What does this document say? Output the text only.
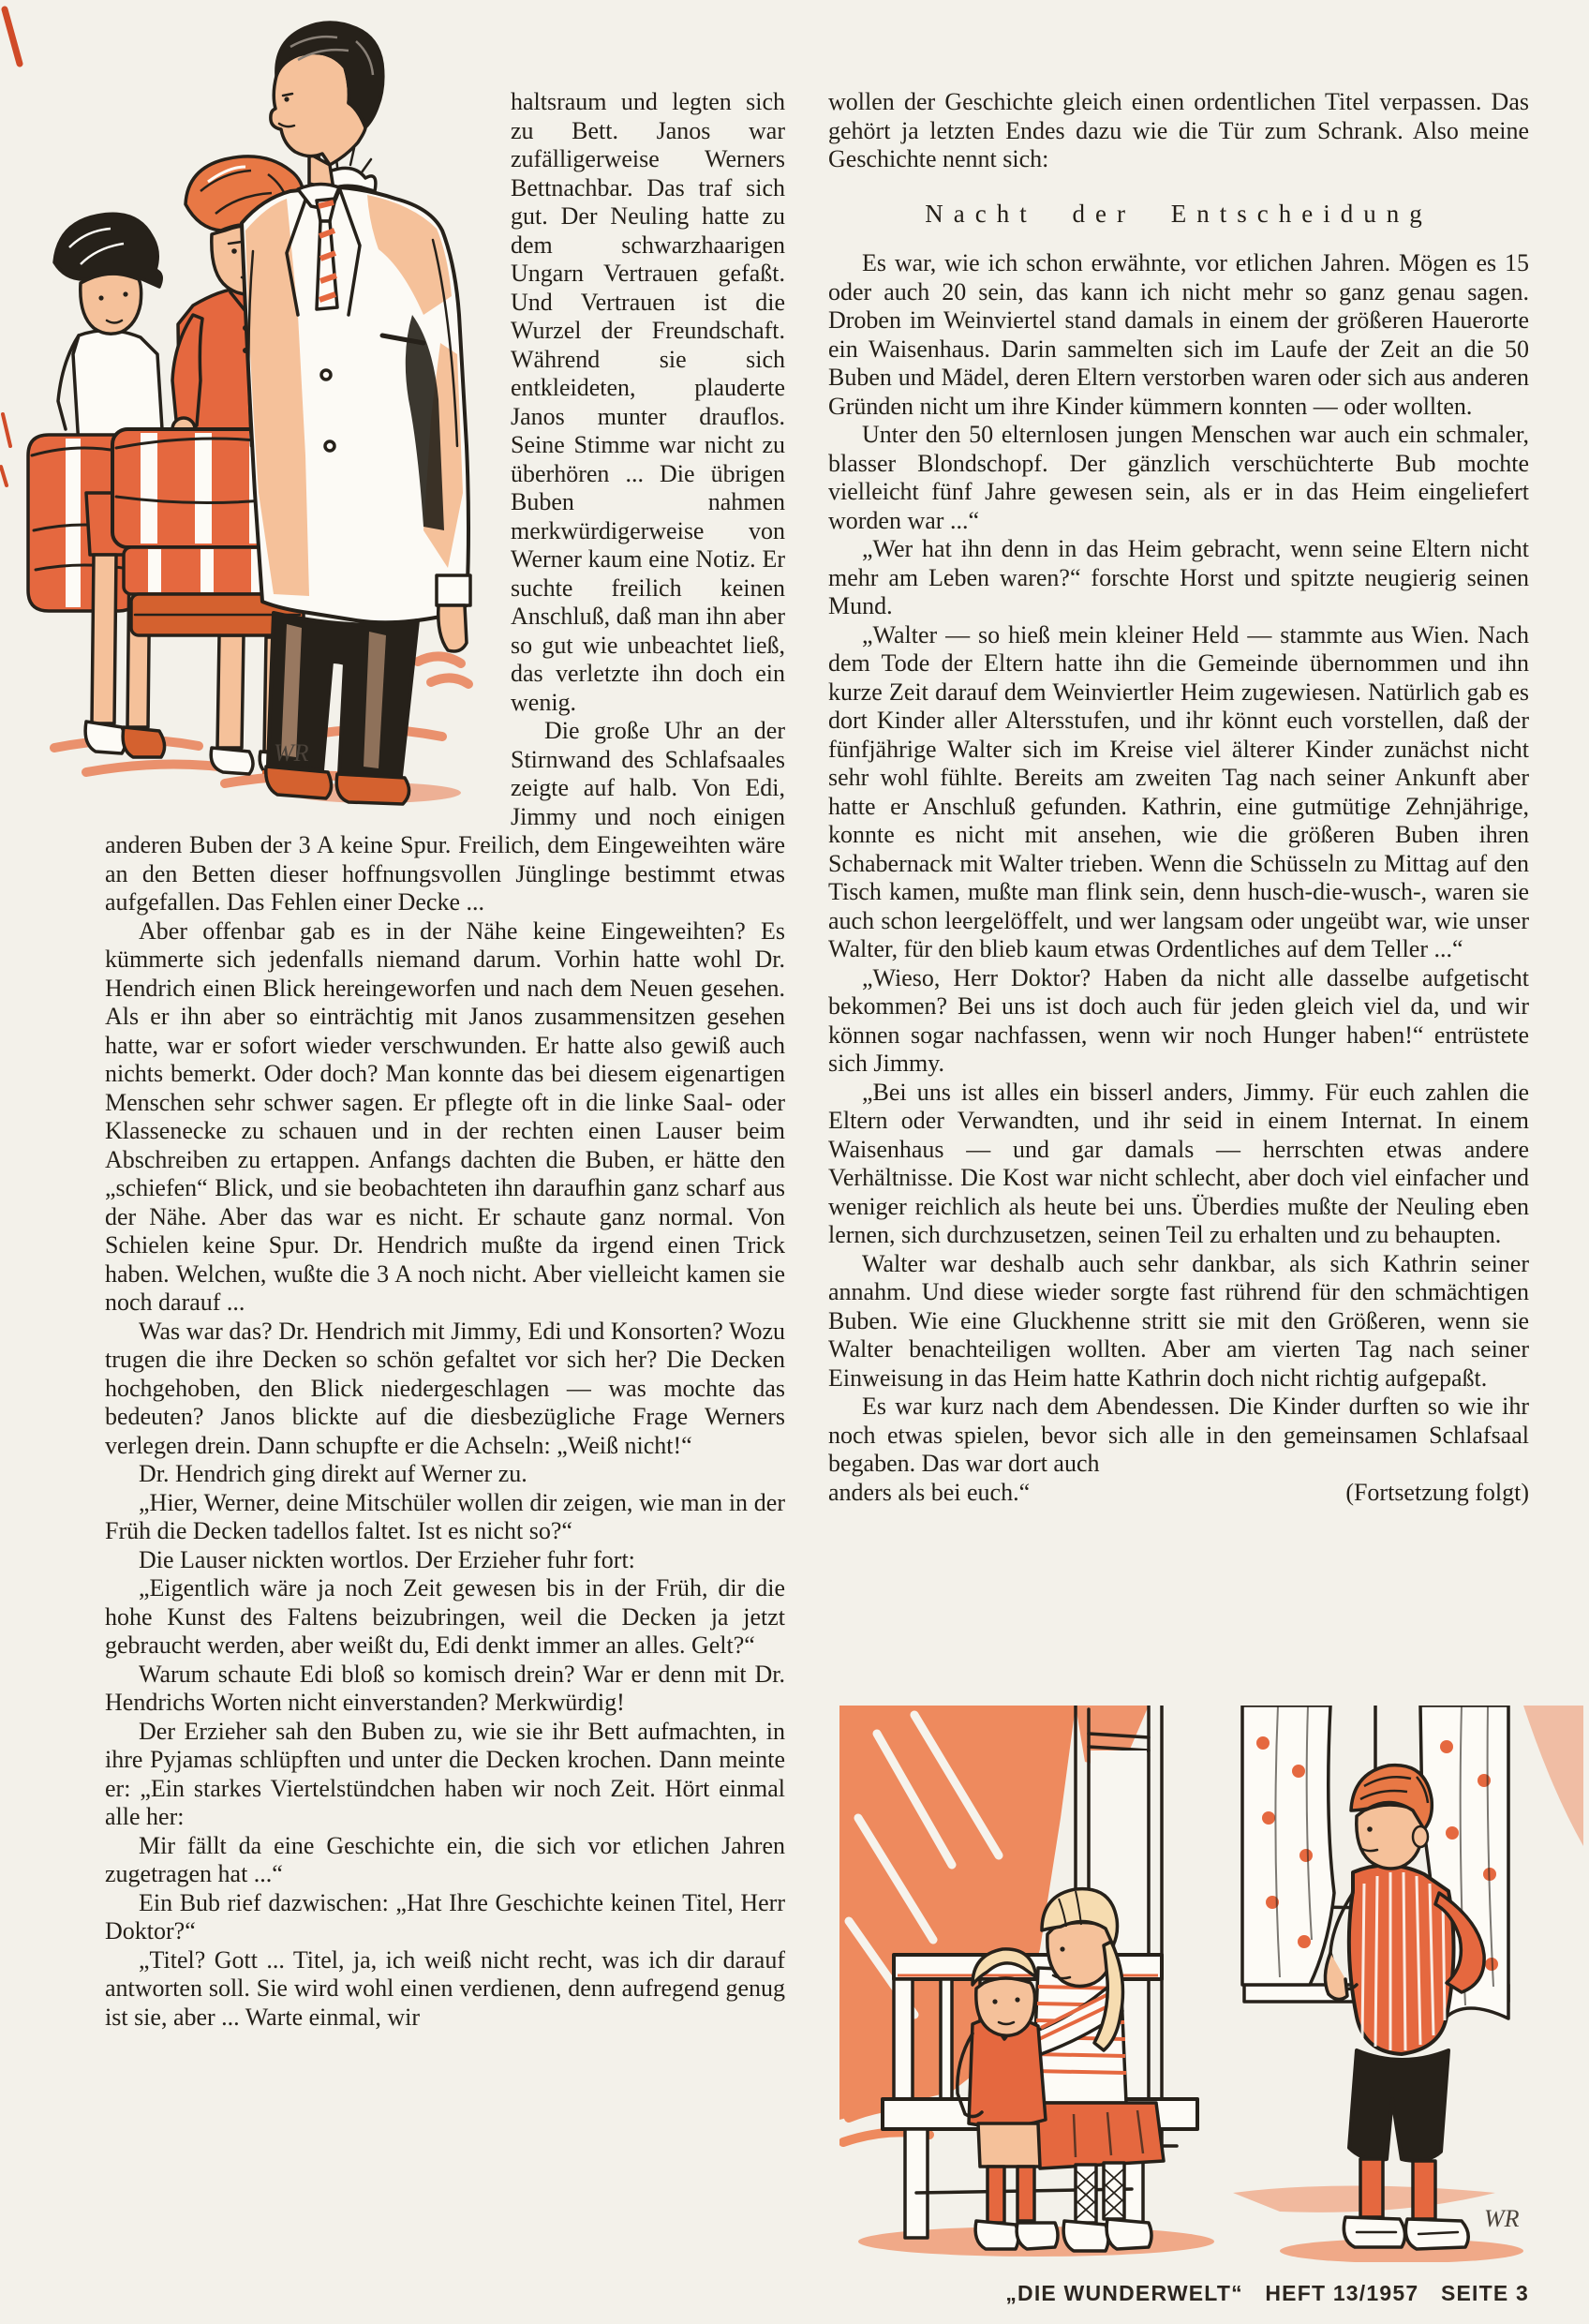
WR

haltsraum und legten sich zu Bett. Janos war zufälligerweise Werners Bettnachbar. Das traf sich gut. Der Neuling hatte zu dem schwarzhaarigen Ungarn Vertrauen gefaßt. Und Vertrauen ist die Wurzel der Freundschaft. Während sie sich entkleideten, plauderte Janos munter drauflos. Seine Stimme war nicht zu überhören ... Die übrigen Buben nahmen merkwürdigerweise von Werner kaum eine Notiz. Er suchte freilich keinen Anschluß, daß man ihn aber so gut wie unbeachtet ließ, das verletzte ihn doch ein wenig.

Die große Uhr an der Stirnwand des Schlafsaales zeigte auf halb. Von Edi, Jimmy und noch einigen anderen Buben der 3 A keine Spur. Freilich, dem Eingeweihten wäre an den Betten dieser hoffnungsvollen Jünglinge bestimmt etwas aufgefallen. Das Fehlen einer Decke ...

Aber offenbar gab es in der Nähe keine Eingeweihten? Es kümmerte sich jedenfalls niemand darum. Vorhin hatte wohl Dr. Hendrich einen Blick hereingeworfen und nach dem Neuen gesehen. Als er ihn aber so einträchtig mit Janos zusammensitzen gesehen hatte, war er sofort wieder verschwunden. Er hatte also gewiß auch nichts bemerkt. Oder doch? Man konnte das bei diesem eigenartigen Menschen sehr schwer sagen. Er pflegte oft in die linke Saal- oder Klassenecke zu schauen und in der rechten einen Lauser beim Abschreiben zu ertappen. Anfangs dachten die Buben, er hätte den „schiefen“ Blick, und sie beobachteten ihn daraufhin ganz scharf aus der Nähe. Aber das war es nicht. Er schaute ganz normal. Von Schielen keine Spur. Dr. Hendrich mußte da irgend einen Trick haben. Welchen, wußte die 3 A noch nicht. Aber vielleicht kamen sie noch darauf ...

Was war das? Dr. Hendrich mit Jimmy, Edi und Konsorten? Wozu trugen die ihre Decken so schön gefaltet vor sich her? Die Decken hochgehoben, den Blick niedergeschlagen — was mochte das bedeuten? Janos blickte auf die diesbezügliche Frage Werners verlegen drein. Dann schupfte er die Achseln: „Weiß nicht!“

Dr. Hendrich ging direkt auf Werner zu.

„Hier, Werner, deine Mitschüler wollen dir zeigen, wie man in der Früh die Decken tadellos faltet. Ist es nicht so?“

Die Lauser nickten wortlos. Der Erzieher fuhr fort:

„Eigentlich wäre ja noch Zeit gewesen bis in der Früh, dir die hohe Kunst des Faltens beizubringen, weil die Decken ja jetzt gebraucht werden, aber weißt du, Edi denkt immer an alles. Gelt?“

Warum schaute Edi bloß so komisch drein? War er denn mit Dr. Hendrichs Worten nicht einverstanden? Merkwürdig!

Der Erzieher sah den Buben zu, wie sie ihr Bett aufmachten, in ihre Pyjamas schlüpften und unter die Decken krochen. Dann meinte er: „Ein starkes Viertelstündchen haben wir noch Zeit. Hört einmal alle her:

Mir fällt da eine Geschichte ein, die sich vor etlichen Jahren zugetragen hat ...“

Ein Bub rief dazwischen: „Hat Ihre Geschichte keinen Titel, Herr Doktor?“

„Titel? Gott ... Titel, ja, ich weiß nicht recht, was ich dir darauf antworten soll. Sie wird wohl einen verdienen, denn aufregend genug ist sie, aber ... Warte einmal, wir

wollen der Geschichte gleich einen ordentlichen Titel verpassen. Das gehört ja letzten Endes dazu wie die Tür zum Schrank. Also meine Geschichte nennt sich:

Nacht der Entscheidung

Es war, wie ich schon erwähnte, vor etlichen Jahren. Mögen es 15 oder auch 20 sein, das kann ich nicht mehr so ganz genau sagen. Droben im Weinviertel stand damals in einem der größeren Hauerorte ein Waisenhaus. Darin sammelten sich im Laufe der Zeit an die 50 Buben und Mädel, deren Eltern verstorben waren oder sich aus anderen Gründen nicht um ihre Kinder kümmern konnten — oder wollten.

Unter den 50 elternlosen jungen Menschen war auch ein schmaler, blasser Blondschopf. Der gänzlich verschüchterte Bub mochte vielleicht fünf Jahre gewesen sein, als er in das Heim eingeliefert worden war ...“

„Wer hat ihn denn in das Heim gebracht, wenn seine Eltern nicht mehr am Leben waren?“ forschte Horst und spitzte neugierig seinen Mund.

„Walter — so hieß mein kleiner Held — stammte aus Wien. Nach dem Tode der Eltern hatte ihn die Gemeinde übernommen und ihn kurze Zeit darauf dem Weinviertler Heim zugewiesen. Natürlich gab es dort Kinder aller Altersstufen, und ihr könnt euch vorstellen, daß der fünfjährige Walter sich im Kreise viel älterer Kinder zunächst nicht sehr wohl fühlte. Bereits am zweiten Tag nach seiner Ankunft aber hatte er Anschluß gefunden. Kathrin, eine gutmütige Zehnjährige, konnte es nicht mit ansehen, wie die größeren Buben ihren Schabernack mit Walter trieben. Wenn die Schüsseln zu Mittag auf den Tisch kamen, mußte man flink sein, denn husch-die-wusch-, waren sie auch schon leergelöffelt, und wer langsam oder ungeübt war, wie unser Walter, für den blieb kaum etwas Ordentliches auf dem Teller ...“

„Wieso, Herr Doktor? Haben da nicht alle dasselbe aufgetischt bekommen? Bei uns ist doch auch für jeden gleich viel da, und wir können sogar nachfassen, wenn wir noch Hunger haben!“ entrüstete sich Jimmy.

„Bei uns ist alles ein bisserl anders, Jimmy. Für euch zahlen die Eltern oder Verwandten, und ihr seid in einem Internat. In einem Waisenhaus — und gar damals — herrschten etwas andere Verhältnisse. Die Kost war nicht schlecht, aber doch viel einfacher und weniger reichlich als heute bei uns. Überdies mußte der Neuling eben lernen, sich durchzusetzen, seinen Teil zu erhalten und zu behaupten.

Walter war deshalb auch sehr dankbar, als sich Kathrin seiner annahm. Und diese wieder sorgte fast rührend für den schmächtigen Buben. Wie eine Gluckhenne stritt sie mit den Größeren, wenn sie Walter benachteiligen wollten. Aber am vierten Tag nach seiner Einweisung in das Heim hatte Kathrin doch nicht richtig aufgepaßt.

Es war kurz nach dem Abendessen. Die Kinder durften so wie ihr noch etwas spielen, bevor sich alle in den gemeinsamen Schlafsaal begaben. Das war dort auch

anders als bei euch.“	(Fortsetzung folgt)
WR
„DIE WUNDERWELT“ HEFT 13/1957 SEITE 3
